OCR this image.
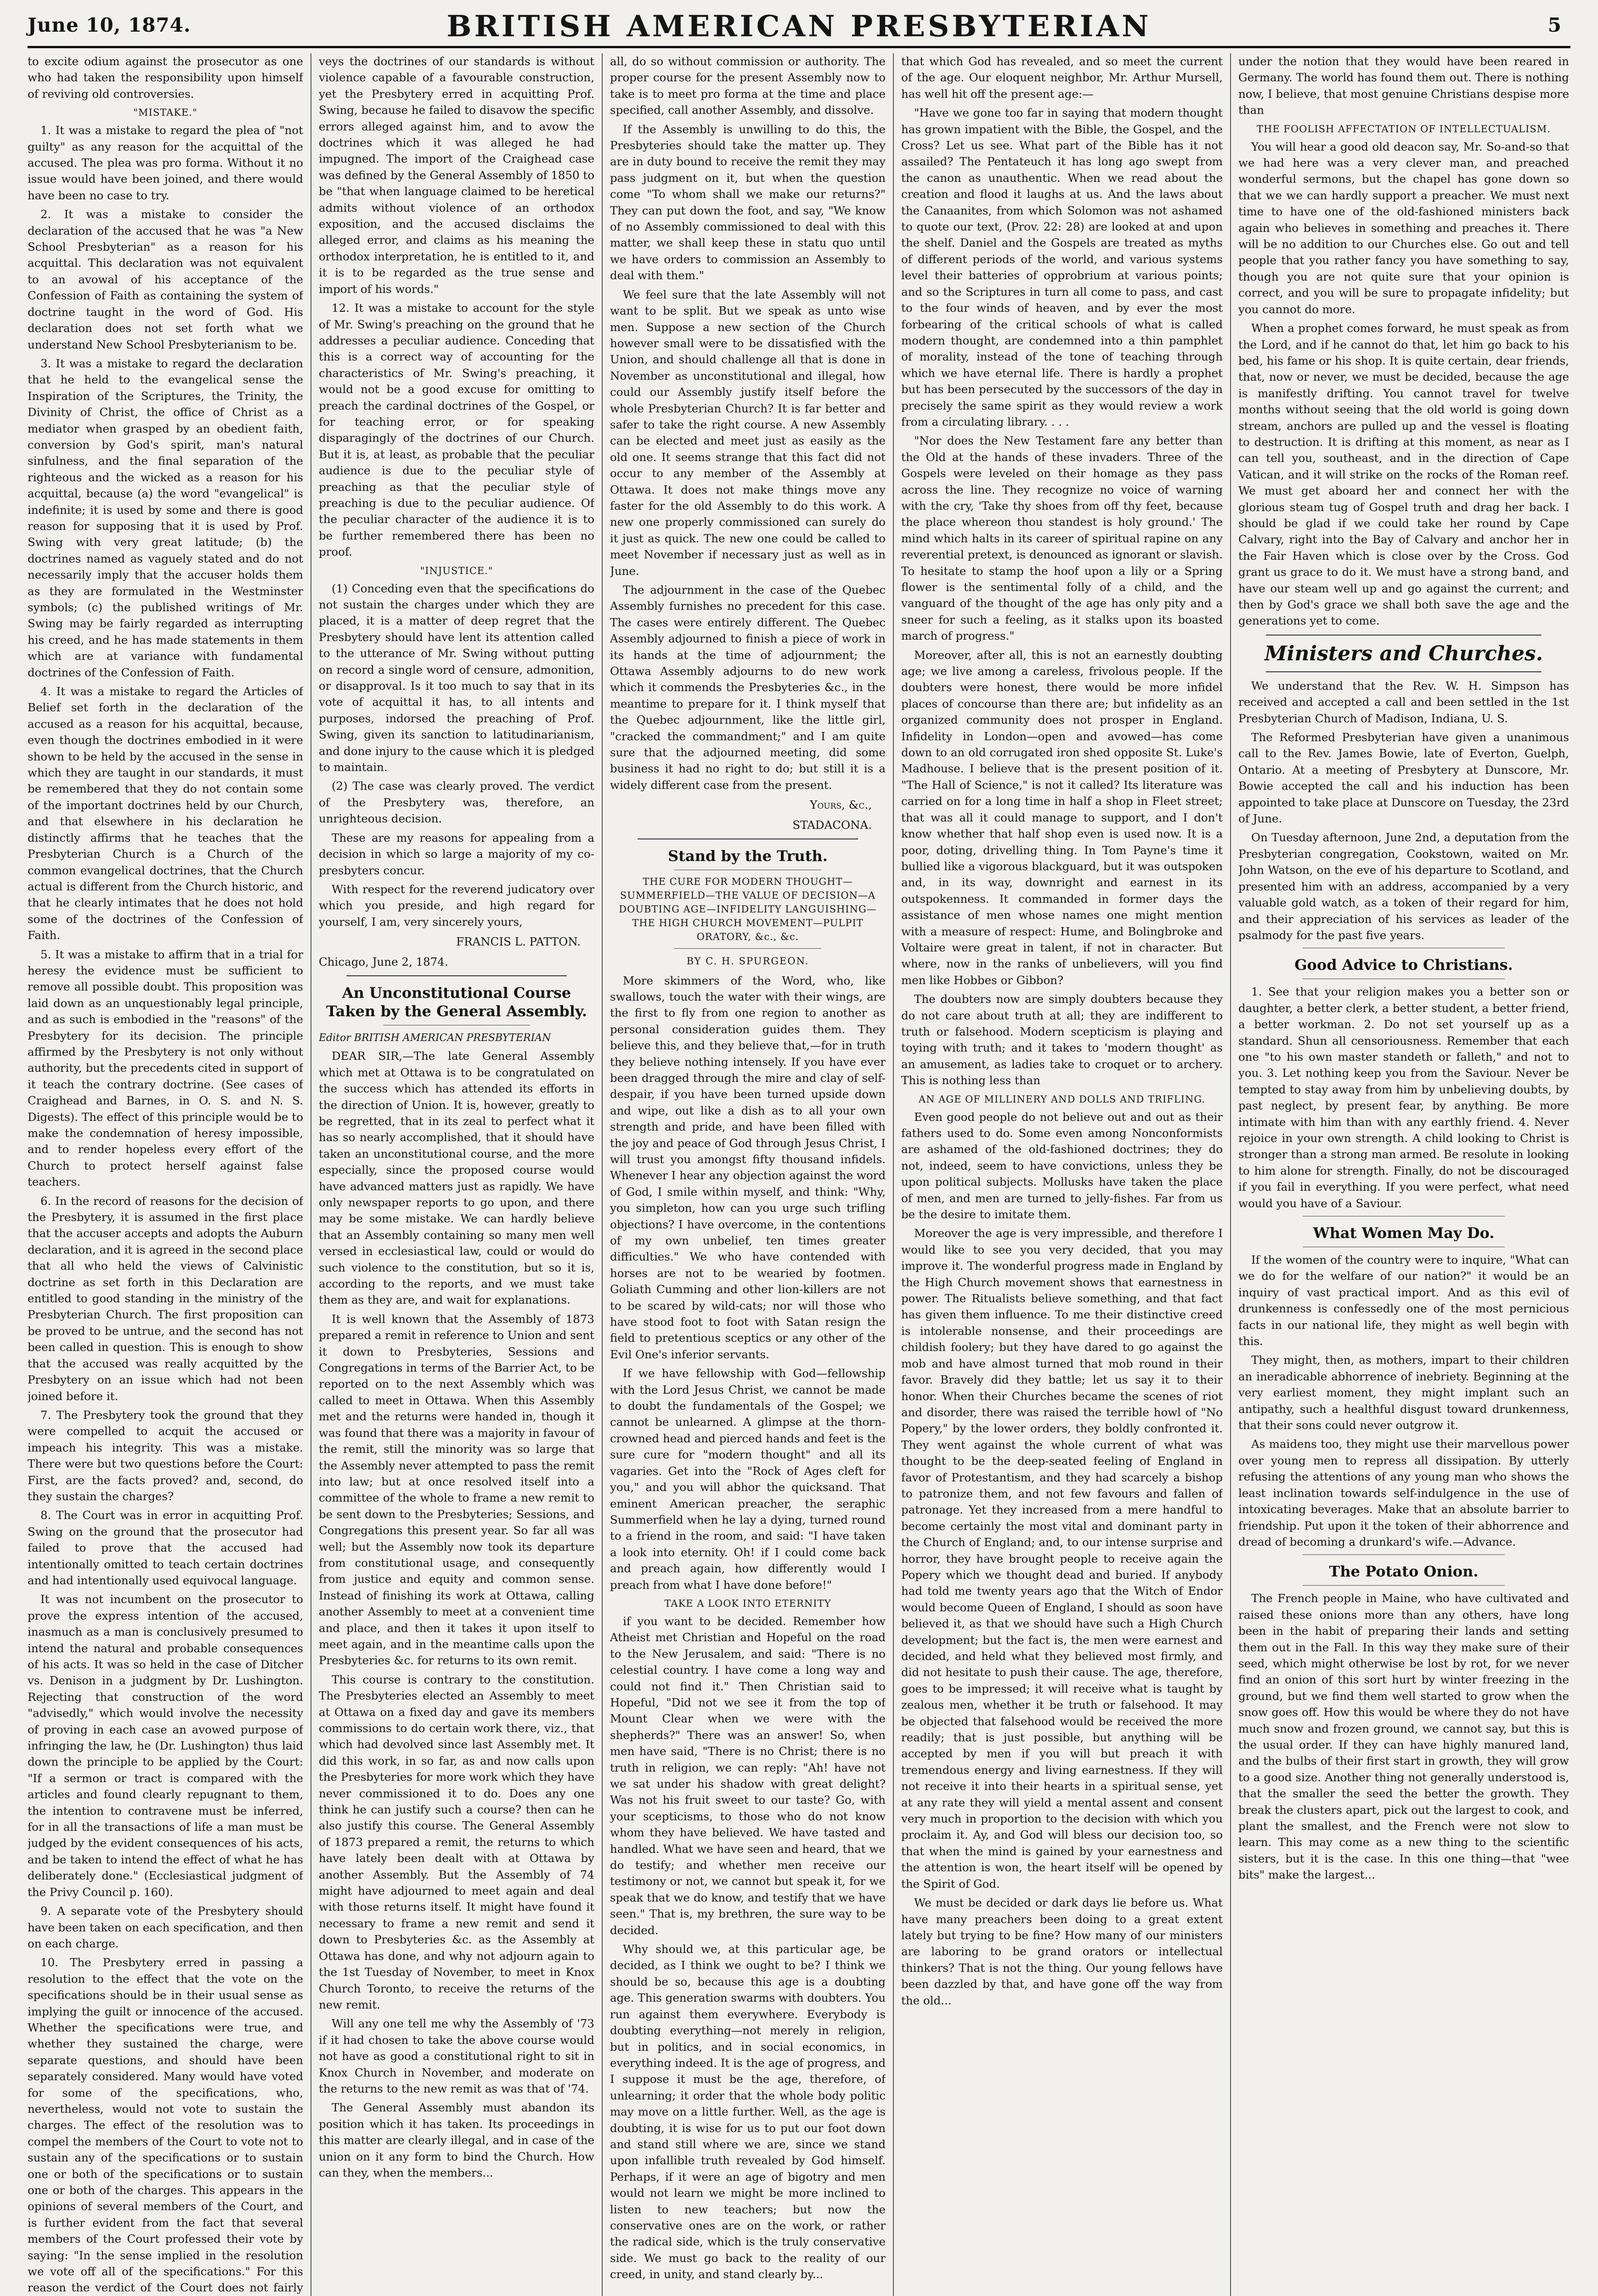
June 10, 1874.	BRITISH AMERICAN PRESBYTERIAN	5

to excite odium against the prosecutor as one who had taken the responsibility upon himself of reviving old controversies.

"MISTAKE."

1. It was a mistake to regard the plea of "not guilty" as any reason for the acquittal of the accused. The plea was pro forma. Without it no issue would have been joined, and there would have been no case to try.

2. It was a mistake to consider the declaration of the accused that he was "a New School Presbyterian" as a reason for his acquittal. This declaration was not equivalent to an avowal of his acceptance of the Confession of Faith as containing the system of doctrine taught in the word of God. His declaration does not set forth what we understand New School Presbyterianism to be.

3. It was a mistake to regard the declaration that he held to the evangelical sense the Inspiration of the Scriptures, the Trinity, the Divinity of Christ, the office of Christ as a mediator when grasped by an obedient faith, conversion by God's spirit, man's natural sinfulness, and the final separation of the righteous and the wicked as a reason for his acquittal, because (a) the word "evangelical" is indefinite; it is used by some and there is good reason for supposing that it is used by Prof. Swing with very great latitude; (b) the doctrines named as vaguely stated and do not necessarily imply that the accuser holds them as they are formulated in the Westminster symbols; (c) the published writings of Mr. Swing may be fairly regarded as interrupting his creed, and he has made statements in them which are at variance with fundamental doctrines of the Confession of Faith.

4. It was a mistake to regard the Articles of Belief set forth in the declaration of the accused as a reason for his acquittal, because, even though the doctrines embodied in it were shown to be held by the accused in the sense in which they are taught in our standards, it must be remembered that they do not contain some of the important doctrines held by our Church, and that elsewhere in his declaration he distinctly affirms that he teaches that the Presbyterian Church is a Church of the common evangelical doctrines, that the Church actual is different from the Church historic, and that he clearly intimates that he does not hold some of the doctrines of the Confession of Faith.

5. It was a mistake to affirm that in a trial for heresy the evidence must be sufficient to remove all possible doubt. This proposition was laid down as an unquestionably legal principle, and as such is embodied in the "reasons" of the Presbytery for its decision. The principle affirmed by the Presbytery is not only without authority, but the precedents cited in support of it teach the contrary doctrine. (See cases of Craighead and Barnes, in O. S. and N. S. Digests). The effect of this principle would be to make the condemnation of heresy impossible, and to render hopeless every effort of the Church to protect herself against false teachers.

6. In the record of reasons for the decision of the Presbytery, it is assumed in the first place that the accuser accepts and adopts the Auburn declaration, and it is agreed in the second place that all who held the views of Calvinistic doctrine as set forth in this Declaration are entitled to good standing in the ministry of the Presbyterian Church. The first proposition can be proved to be untrue, and the second has not been called in question. This is enough to show that the accused was really acquitted by the Presbytery on an issue which had not been joined before it.

7. The Presbytery took the ground that they were compelled to acquit the accused or impeach his integrity. This was a mistake. There were but two questions before the Court: First, are the facts proved? and, second, do they sustain the charges?

8. The Court was in error in acquitting Prof. Swing on the ground that the prosecutor had failed to prove that the accused had intentionally omitted to teach certain doctrines and had intentionally used equivocal language.

It was not incumbent on the prosecutor to prove the express intention of the accused, inasmuch as a man is conclusively presumed to intend the natural and probable consequences of his acts. It was so held in the case of Ditcher vs. Denison in a judgment by Dr. Lushington. Rejecting that construction of the word "advisedly," which would involve the necessity of proving in each case an avowed purpose of infringing the law, he (Dr. Lushington) thus laid down the principle to be applied by the Court: "If a sermon or tract is compared with the articles and found clearly repugnant to them, the intention to contravene must be inferred, for in all the transactions of life a man must be judged by the evident consequences of his acts, and be taken to intend the effect of what he has deliberately done." (Ecclesiastical judgment of the Privy Council p. 160).

9. A separate vote of the Presbytery should have been taken on each specification, and then on each charge.

10. The Presbytery erred in passing a resolution to the effect that the vote on the specifications should be in their usual sense as implying the guilt or innocence of the accused. Whether the specifications were true, and whether they sustained the charge, were separate questions, and should have been separately considered. Many would have voted for some of the specifications, who, nevertheless, would not vote to sustain the charges. The effect of the resolution was to compel the members of the Court to vote not to sustain any of the specifications or to sustain one or both of the specifications or to sustain one or both of the charges. This appears in the opinions of several members of the Court, and is further evident from the fact that several members of the Court professed their vote by saying: "In the sense implied in the resolution we vote off all of the specifications." For this reason the verdict of the Court does not fairly

veys the doctrines of our standards is without violence capable of a favourable construction, yet the Presbytery erred in acquitting Prof. Swing, because he failed to disavow the specific errors alleged against him, and to avow the doctrines which it was alleged he had impugned. The import of the Craighead case was defined by the General Assembly of 1850 to be "that when language claimed to be heretical admits without violence of an orthodox exposition, and the accused disclaims the alleged error, and claims as his meaning the orthodox interpretation, he is entitled to it, and it is to be regarded as the true sense and import of his words."

12. It was a mistake to account for the style of Mr. Swing's preaching on the ground that he addresses a peculiar audience. Conceding that this is a correct way of accounting for the characteristics of Mr. Swing's preaching, it would not be a good excuse for omitting to preach the cardinal doctrines of the Gospel, or for teaching error, or for speaking disparagingly of the doctrines of our Church. But it is, at least, as probable that the peculiar audience is due to the peculiar style of preaching as that the peculiar style of preaching is due to the peculiar audience. Of the peculiar character of the audience it is to be further remembered there has been no proof.

"INJUSTICE."

(1) Conceding even that the specifications do not sustain the charges under which they are placed, it is a matter of deep regret that the Presbytery should have lent its attention called to the utterance of Mr. Swing without putting on record a single word of censure, admonition, or disapproval. Is it too much to say that in its vote of acquittal it has, to all intents and purposes, indorsed the preaching of Prof. Swing, given its sanction to latitudinarianism, and done injury to the cause which it is pledged to maintain.

(2) The case was clearly proved. The verdict of the Presbytery was, therefore, an unrighteous decision.

These are my reasons for appealing from a decision in which so large a majority of my co-presbyters concur.

With respect for the reverend judicatory over which you preside, and high regard for yourself, I am, very sincerely yours,

FRANCIS L. PATTON.

Chicago, June 2, 1874.

An Unconstitutional Course Taken by the General Assembly.
Editor BRITISH AMERICAN PRESBYTERIAN

DEAR SIR,—The late General Assembly which met at Ottawa is to be congratulated on the success which has attended its efforts in the direction of Union. It is, however, greatly to be regretted, that in its zeal to perfect what it has so nearly accomplished, that it should have taken an unconstitutional course, and the more especially, since the proposed course would have advanced matters just as rapidly. We have only newspaper reports to go upon, and there may be some mistake. We can hardly believe that an Assembly containing so many men well versed in ecclesiastical law, could or would do such violence to the constitution, but so it is, according to the reports, and we must take them as they are, and wait for explanations.

It is well known that the Assembly of 1873 prepared a remit in reference to Union and sent it down to Presbyteries, Sessions and Congregations in terms of the Barrier Act, to be reported on to the next Assembly which was called to meet in Ottawa. When this Assembly met and the returns were handed in, though it was found that there was a majority in favour of the remit, still the minority was so large that the Assembly never attempted to pass the remit into law; but at once resolved itself into a committee of the whole to frame a new remit to be sent down to the Presbyteries; Sessions, and Congregations this present year. So far all was well; but the Assembly now took its departure from constitutional usage, and consequently from justice and equity and common sense. Instead of finishing its work at Ottawa, calling another Assembly to meet at a convenient time and place, and then it takes it upon itself to meet again, and in the meantime calls upon the Presbyteries &c. for returns to its own remit.

This course is contrary to the constitution. The Presbyteries elected an Assembly to meet at Ottawa on a fixed day and gave its members commissions to do certain work there, viz., that which had devolved since last Assembly met. It did this work, in so far, as and now calls upon the Presbyteries for more work which they have never commissioned it to do. Does any one think he can justify such a course? then can he also justify this course. The General Assembly of 1873 prepared a remit, the returns to which have lately been dealt with at Ottawa by another Assembly. But the Assembly of 74 might have adjourned to meet again and deal with those returns itself. It might have found it necessary to frame a new remit and send it down to Presbyteries &c. as the Assembly at Ottawa has done, and why not adjourn again to the 1st Tuesday of November, to meet in Knox Church Toronto, to receive the returns of the new remit.

Will any one tell me why the Assembly of '73 if it had chosen to take the above course would not have as good a constitutional right to sit in Knox Church in November, and moderate on the returns to the new remit as was that of '74.

The General Assembly must abandon its position which it has taken. Its proceedings in this matter are clearly illegal, and in case of the union on it any form to bind the Church. How can they, when the members...

all, do so without commission or authority. The proper course for the present Assembly now to take is to meet pro forma at the time and place specified, call another Assembly, and dissolve.

If the Assembly is unwilling to do this, the Presbyteries should take the matter up. They are in duty bound to receive the remit they may pass judgment on it, but when the question come "To whom shall we make our returns?" They can put down the foot, and say, "We know of no Assembly commissioned to deal with this matter, we shall keep these in statu quo until we have orders to commission an Assembly to deal with them."

We feel sure that the late Assembly will not want to be split. But we speak as unto wise men. Suppose a new section of the Church however small were to be dissatisfied with the Union, and should challenge all that is done in November as unconstitutional and illegal, how could our Assembly justify itself before the whole Presbyterian Church? It is far better and safer to take the right course. A new Assembly can be elected and meet just as easily as the old one. It seems strange that this fact did not occur to any member of the Assembly at Ottawa. It does not make things move any faster for the old Assembly to do this work. A new one properly commissioned can surely do it just as quick. The new one could be called to meet November if necessary just as well as in June.

The adjournment in the case of the Quebec Assembly furnishes no precedent for this case. The cases were entirely different. The Quebec Assembly adjourned to finish a piece of work in its hands at the time of adjournment; the Ottawa Assembly adjourns to do new work which it commends the Presbyteries &c., in the meantime to prepare for it. I think myself that the Quebec adjournment, like the little girl, "cracked the commandment;" and I am quite sure that the adjourned meeting, did some business it had no right to do; but still it is a widely different case from the present.

Yours, &c.,
STADACONA.
Stand by the Truth.
THE CURE FOR MODERN THOUGHT—SUMMERFIELD—THE VALUE OF DECISION—A DOUBTING AGE—INFIDELITY LANGUISHING—THE HIGH CHURCH MOVEMENT—PULPIT ORATORY, &c., &c.
BY C. H. SPURGEON.

More skimmers of the Word, who, like swallows, touch the water with their wings, are the first to fly from one region to another as personal consideration guides them. They believe this, and they believe that,—for in truth they believe nothing intensely. If you have ever been dragged through the mire and clay of self-despair, if you have been turned upside down and wipe, out like a dish as to all your own strength and pride, and have been filled with the joy and peace of God through Jesus Christ, I will trust you amongst fifty thousand infidels. Whenever I hear any objection against the word of God, I smile within myself, and think: "Why, you simpleton, how can you urge such trifling objections? I have overcome, in the contentions of my own unbelief, ten times greater difficulties." We who have contended with horses are not to be wearied by footmen. Goliath Cumming and other lion-killers are not to be scared by wild-cats; nor will those who have stood foot to foot with Satan resign the field to pretentious sceptics or any other of the Evil One's inferior servants.

If we have fellowship with God—fellowship with the Lord Jesus Christ, we cannot be made to doubt the fundamentals of the Gospel; we cannot be unlearned. A glimpse at the thorn-crowned head and pierced hands and feet is the sure cure for "modern thought" and all its vagaries. Get into the "Rock of Ages cleft for you," and you will abhor the quicksand. That eminent American preacher, the seraphic Summerfield when he lay a dying, turned round to a friend in the room, and said: "I have taken a look into eternity. Oh! if I could come back and preach again, how differently would I preach from what I have done before!"

TAKE A LOOK INTO ETERNITY

if you want to be decided. Remember how Atheist met Christian and Hopeful on the road to the New Jerusalem, and said: "There is no celestial country. I have come a long way and could not find it." Then Christian said to Hopeful, "Did not we see it from the top of Mount Clear when we were with the shepherds?" There was an answer! So, when men have said, "There is no Christ; there is no truth in religion, we can reply: "Ah! have not we sat under his shadow with great delight? Was not his fruit sweet to our taste? Go, with your scepticisms, to those who do not know whom they have believed. We have tasted and handled. What we have seen and heard, that we do testify; and whether men receive our testimony or not, we cannot but speak it, for we speak that we do know, and testify that we have seen." That is, my brethren, the sure way to be decided.

Why should we, at this particular age, be decided, as I think we ought to be? I think we should be so, because this age is a doubting age. This generation swarms with doubters. You run against them everywhere. Everybody is doubting everything—not merely in religion, but in politics, and in social economics, in everything indeed. It is the age of progress, and I suppose it must be the age, therefore, of unlearning; it order that the whole body politic may move on a little further. Well, as the age is doubting, it is wise for us to put our foot down and stand still where we are, since we stand upon infallible truth revealed by God himself. Perhaps, if it were an age of bigotry and men would not learn we might be more inclined to listen to new teachers; but now the conservative ones are on the work, or rather the radical side, which is the truly conservative side. We must go back to the reality of our creed, in unity, and stand clearly by...

that which God has revealed, and so meet the current of the age. Our eloquent neighbor, Mr. Arthur Mursell, has well hit off the present age:—

"Have we gone too far in saying that modern thought has grown impatient with the Bible, the Gospel, and the Cross? Let us see. What part of the Bible has it not assailed? The Pentateuch it has long ago swept from the canon as unauthentic. When we read about the creation and flood it laughs at us. And the laws about the Canaanites, from which Solomon was not ashamed to quote our text, (Prov. 22: 28) are looked at and upon the shelf. Daniel and the Gospels are treated as myths of different periods of the world, and various systems level their batteries of opprobrium at various points; and so the Scriptures in turn all come to pass, and cast to the four winds of heaven, and by ever the most forbearing of the critical schools of what is called modern thought, are condemned into a thin pamphlet of morality, instead of the tone of teaching through which we have eternal life. There is hardly a prophet but has been persecuted by the successors of the day in precisely the same spirit as they would review a work from a circulating library. . . .

"Nor does the New Testament fare any better than the Old at the hands of these invaders. Three of the Gospels were leveled on their homage as they pass across the line. They recognize no voice of warning with the cry, 'Take thy shoes from off thy feet, because the place whereon thou standest is holy ground.' The mind which halts in its career of spiritual rapine on any reverential pretext, is denounced as ignorant or slavish. To hesitate to stamp the hoof upon a lily or a Spring flower is the sentimental folly of a child, and the vanguard of the thought of the age has only pity and a sneer for such a feeling, as it stalks upon its boasted march of progress."

Moreover, after all, this is not an earnestly doubting age; we live among a careless, frivolous people. If the doubters were honest, there would be more infidel places of concourse than there are; but infidelity as an organized community does not prosper in England. Infidelity in London—open and avowed—has come down to an old corrugated iron shed opposite St. Luke's Madhouse. I believe that is the present position of it. "The Hall of Science," is not it called? Its literature was carried on for a long time in half a shop in Fleet street; that was all it could manage to support, and I don't know whether that half shop even is used now. It is a poor, doting, drivelling thing. In Tom Payne's time it bullied like a vigorous blackguard, but it was outspoken and, in its way, downright and earnest in its outspokenness. It commanded in former days the assistance of men whose names one might mention with a measure of respect: Hume, and Bolingbroke and Voltaire were great in talent, if not in character. But where, now in the ranks of unbelievers, will you find men like Hobbes or Gibbon?

The doubters now are simply doubters because they do not care about truth at all; they are indifferent to truth or falsehood. Modern scepticism is playing and toying with truth; and it takes to 'modern thought' as an amusement, as ladies take to croquet or to archery. This is nothing less than

AN AGE OF MILLINERY AND DOLLS AND TRIFLING.

Even good people do not believe out and out as their fathers used to do. Some even among Nonconformists are ashamed of the old-fashioned doctrines; they do not, indeed, seem to have convictions, unless they be upon political subjects. Mollusks have taken the place of men, and men are turned to jelly-fishes. Far from us be the desire to imitate them.

Moreover the age is very impressible, and therefore I would like to see you very decided, that you may improve it. The wonderful progress made in England by the High Church movement shows that earnestness in power. The Ritualists believe something, and that fact has given them influence. To me their distinctive creed is intolerable nonsense, and their proceedings are childish foolery; but they have dared to go against the mob and have almost turned that mob round in their favor. Bravely did they battle; let us say it to their honor. When their Churches became the scenes of riot and disorder, there was raised the terrible howl of "No Popery," by the lower orders, they boldly confronted it. They went against the whole current of what was thought to be the deep-seated feeling of England in favor of Protestantism, and they had scarcely a bishop to patronize them, and not few favours and fallen of patronage. Yet they increased from a mere handful to become certainly the most vital and dominant party in the Church of England; and, to our intense surprise and horror, they have brought people to receive again the Popery which we thought dead and buried. If anybody had told me twenty years ago that the Witch of Endor would become Queen of England, I should as soon have believed it, as that we should have such a High Church development; but the fact is, the men were earnest and decided, and held what they believed most firmly, and did not hesitate to push their cause. The age, therefore, goes to be impressed; it will receive what is taught by zealous men, whether it be truth or falsehood. It may be objected that falsehood would be received the more readily; that is just possible, but anything will be accepted by men if you will but preach it with tremendous energy and living earnestness. If they will not receive it into their hearts in a spiritual sense, yet at any rate they will yield a mental assent and consent very much in proportion to the decision with which you proclaim it. Ay, and God will bless our decision too, so that when the mind is gained by your earnestness and the attention is won, the heart itself will be opened by the Spirit of God.

We must be decided or dark days lie before us. What have many preachers been doing to a great extent lately but trying to be fine? How many of our ministers are laboring to be grand orators or intellectual thinkers? That is not the thing. Our young fellows have been dazzled by that, and have gone off the way from the old...

under the notion that they would have been reared in Germany. The world has found them out. There is nothing now, I believe, that most genuine Christians despise more than

THE FOOLISH AFFECTATION OF INTELLECTUALISM.

You will hear a good old deacon say, Mr. So-and-so that we had here was a very clever man, and preached wonderful sermons, but the chapel has gone down so that we we can hardly support a preacher. We must next time to have one of the old-fashioned ministers back again who believes in something and preaches it. There will be no addition to our Churches else. Go out and tell people that you rather fancy you have something to say, though you are not quite sure that your opinion is correct, and you will be sure to propagate infidelity; but you cannot do more.

When a prophet comes forward, he must speak as from the Lord, and if he cannot do that, let him go back to his bed, his fame or his shop. It is quite certain, dear friends, that, now or never, we must be decided, because the age is manifestly drifting. You cannot travel for twelve months without seeing that the old world is going down stream, anchors are pulled up and the vessel is floating to destruction. It is drifting at this moment, as near as I can tell you, southeast, and in the direction of Cape Vatican, and it will strike on the rocks of the Roman reef. We must get aboard her and connect her with the glorious steam tug of Gospel truth and drag her back. I should be glad if we could take her round by Cape Calvary, right into the Bay of Calvary and anchor her in the Fair Haven which is close over by the Cross. God grant us grace to do it. We must have a strong band, and have our steam well up and go against the current; and then by God's grace we shall both save the age and the generations yet to come.

Ministers and Churches.

We understand that the Rev. W. H. Simpson has received and accepted a call and been settled in the 1st Presbyterian Church of Madison, Indiana, U. S.

The Reformed Presbyterian have given a unanimous call to the Rev. James Bowie, late of Everton, Guelph, Ontario. At a meeting of Presbytery at Dunscore, Mr. Bowie accepted the call and his induction has been appointed to take place at Dunscore on Tuesday, the 23rd of June.

On Tuesday afternoon, June 2nd, a deputation from the Presbyterian congregation, Cookstown, waited on Mr. John Watson, on the eve of his departure to Scotland, and presented him with an address, accompanied by a very valuable gold watch, as a token of their regard for him, and their appreciation of his services as leader of the psalmody for the past five years.

Good Advice to Christians.

1. See that your religion makes you a better son or daughter, a better clerk, a better student, a better friend, a better workman. 2. Do not set yourself up as a standard. Shun all censoriousness. Remember that each one "to his own master standeth or falleth," and not to you. 3. Let nothing keep you from the Saviour. Never be tempted to stay away from him by unbelieving doubts, by past neglect, by present fear, by anything. Be more intimate with him than with any earthly friend. 4. Never rejoice in your own strength. A child looking to Christ is stronger than a strong man armed. Be resolute in looking to him alone for strength. Finally, do not be discouraged if you fail in everything. If you were perfect, what need would you have of a Saviour.

What Women May Do.

If the women of the country were to inquire, "What can we do for the welfare of our nation?" it would be an inquiry of vast practical import. And as this evil of drunkenness is confessedly one of the most pernicious facts in our national life, they might as well begin with this.

They might, then, as mothers, impart to their children an ineradicable abhorrence of inebriety. Beginning at the very earliest moment, they might implant such an antipathy, such a healthful disgust toward drunkenness, that their sons could never outgrow it.

As maidens too, they might use their marvellous power over young men to repress all dissipation. By utterly refusing the attentions of any young man who shows the least inclination towards self-indulgence in the use of intoxicating beverages. Make that an absolute barrier to friendship. Put upon it the token of their abhorrence and dread of becoming a drunkard's wife.—Advance.

The Potato Onion.

The French people in Maine, who have cultivated and raised these onions more than any others, have long been in the habit of preparing their lands and setting them out in the Fall. In this way they make sure of their seed, which might otherwise be lost by rot, for we never find an onion of this sort hurt by winter freezing in the ground, but we find them well started to grow when the snow goes off. How this would be where they do not have much snow and frozen ground, we cannot say, but this is the usual order. If they can have highly manured land, and the bulbs of their first start in growth, they will grow to a good size. Another thing not generally understood is, that the smaller the seed the better the growth. They break the clusters apart, pick out the largest to cook, and plant the smallest, and the French were not slow to learn. This may come as a new thing to the scientific sisters, but it is the case. In this one thing—that "wee bits" make the largest...
